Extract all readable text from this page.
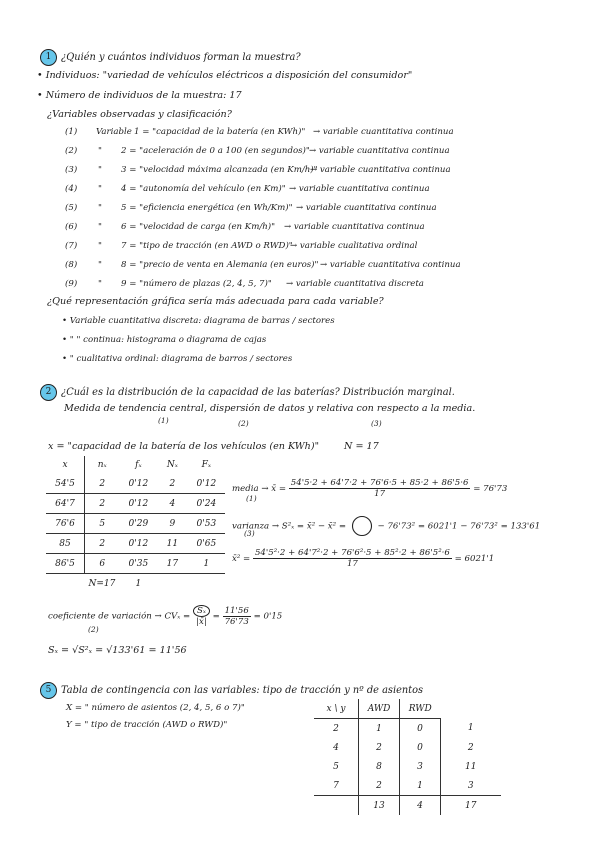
1 ¿Quién y cuántos individuos forman la muestra?
• Individuos: "variedad de vehículos eléctricos a disposición del consumidor"
• Número de individuos de la muestra: 17
¿Variables observadas y clasificación?
(1) Variable 1 = "capacidad de la batería (en KWh)" → variable cuantitativa continua
(2) " 2 = "aceleración de 0 a 100 (en segundos)" → variable cuantitativa continua
(3) " 3 = "velocidad máxima alcanzada (en Km/h)"
→ variable cuantitativa continua
(4) " 4 = "autonomía del vehículo (en Km)" → variable cuantitativa continua
(5) " 5 = "eficiencia energética (en Wh/Km)" → variable cuantitativa continua
(6) " 6 = "velocidad de carga (en Km/h)" → variable cuantitativa continua
(7) " 7 = "tipo de tracción (en AWD o RWD)"
→ variable cualitativa ordinal
(8) " 8 = "precio de venta en Alemania (en euros)" → variable cuantitativa continua
(9) " 9 = "número de plazas (2, 4, 5, 7)" → variable cuantitativa discreta
¿Qué representación gráfica sería más adecuada para cada variable?
• Variable cuantitativa discreta: diagrama de barras / sectores
• " " continua: histograma o diagrama de cajas
• " cualitativa ordinal: diagrama de barros / sectores
2 ¿Cuál es la distribución de la capacidad de las baterías? Distribución marginal.
Medida de tendencia central, dispersión de datos y relativa con respecto a la media.
(1)	(2)	(3)
x = "capacidad de la batería de los vehículos (en KWh)"	N = 17
x	nₓ	fₓ	Nₓ	Fₓ
54'5	2	0'12	2	0'12
64'7	2	0'12	4	0'24
76'6	5	0'29	9	0'53
85	2	0'12	11	0'65
86'5	6	0'35	17	1
	N=17	1		
media → x̄ = $\frac{54'5\cdot 2 + 64'7\cdot 2 + 76'6\cdot 5 + 85\cdot 2 + 86'5\cdot 6}{17} = 76'73$
(1)
varianza → S²ₓ = x̄² − x̄² =	− 76'73² = 6021'1 − 76'73² = 133'61
(3)
x̄² = $\frac{\text{54'5²·2 + 64'7²·2 + 76'6²·5 + 85²·2 + 86'5²·6}}{17} = 6021'1$
coeficiente de variación → $CV_x = \frac{\text{Sₓ}}{|x̄|} = \frac{11'56}{76'73} = 0'15$
(2)
Sₓ = √S²ₓ = √133'61 = 11'56
5 Tabla de contingencia con las variables: tipo de tracción y nº de asientos
X = " número de asientos (2, 4, 5, 6 o 7)"
Y = " tipo de tracción (AWD o RWD)"
x \ y	AWD	RWD	
2	1	0	1
4	2	0	2
5	8	3	11
7	2	1	3
	13	4	17
